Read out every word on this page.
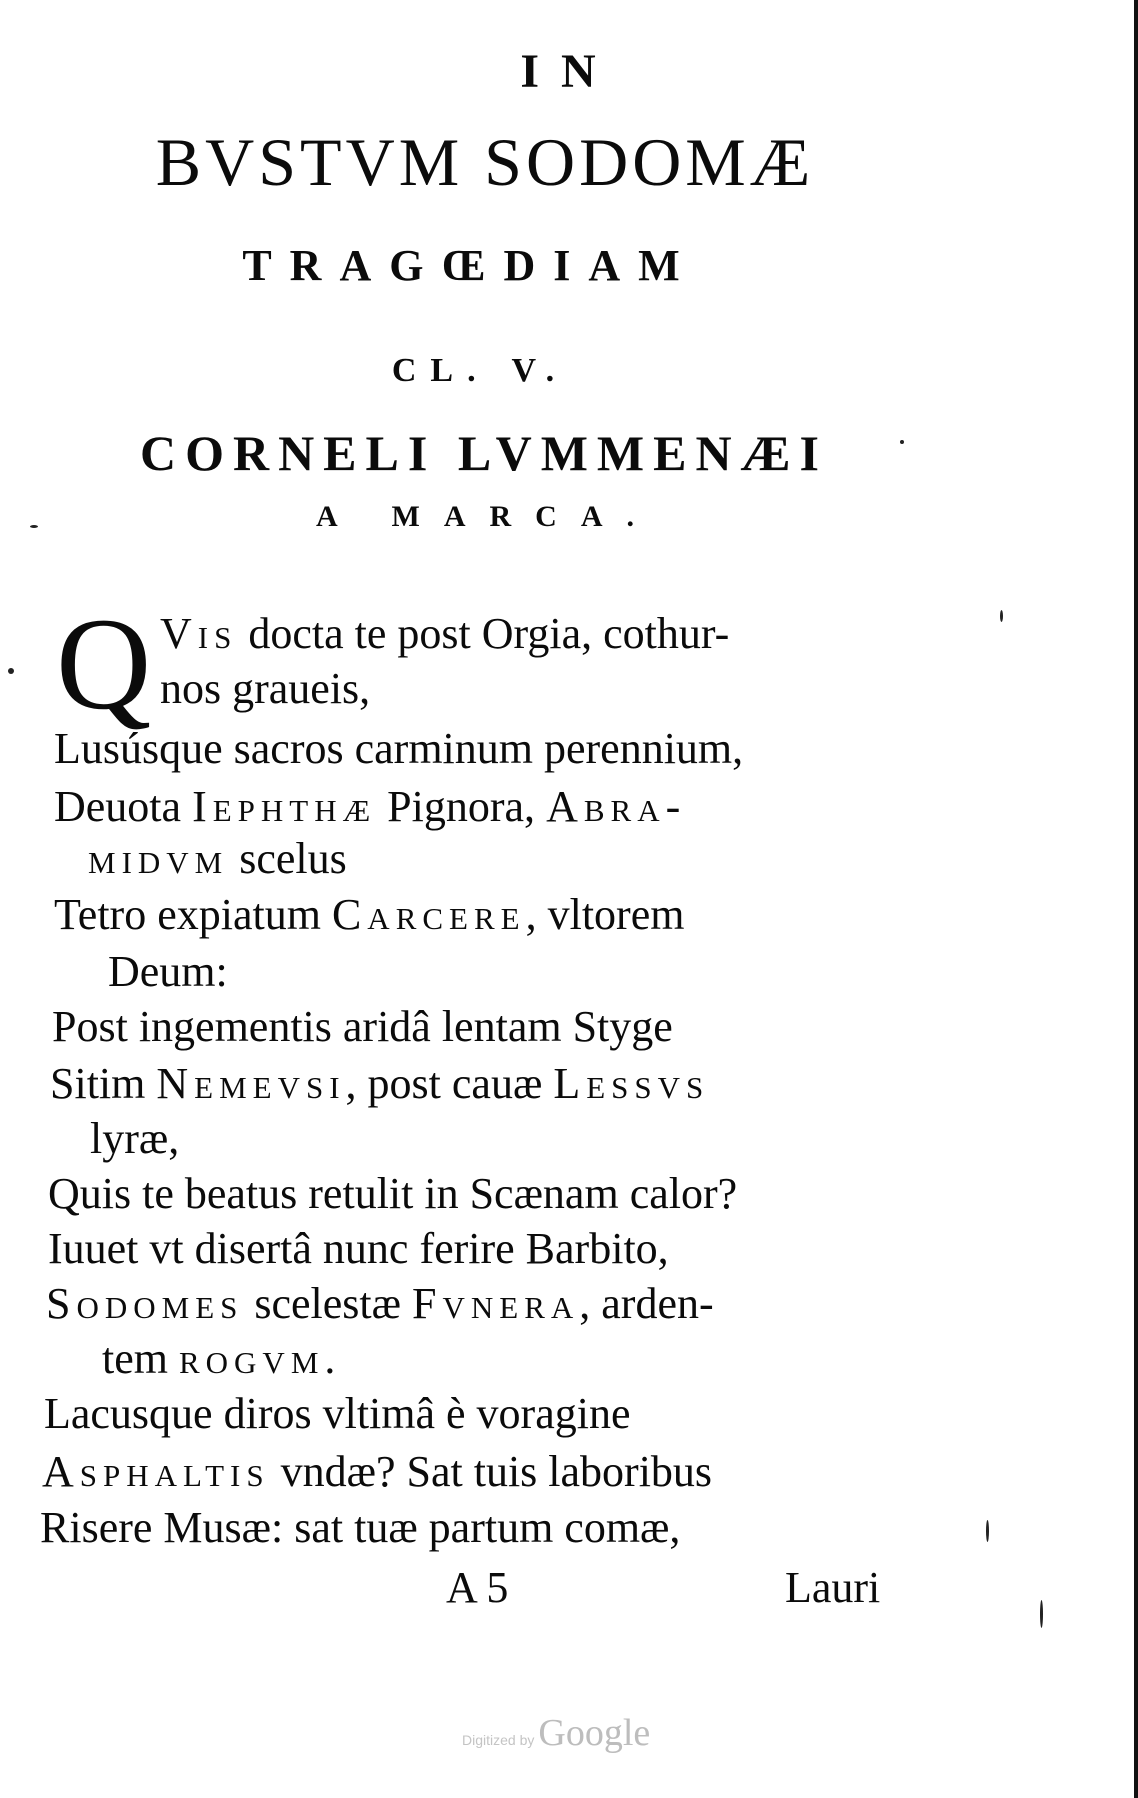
IN
BVSTVM SODOMÆ
TRAGŒDIAM
CL. V.
CORNELI LVMMENÆI
A MARCA.
Q Vis docta te post Orgia, cothur-
nos graueis,
Lusúsque sacros carminum perennium,
Deuota Iephthæ Pignora, Abra-
midvm scelus
Tetro expiatum Carcere, vltorem
Deum:
Post ingementis aridâ lentam Styge
Sitim Nemevsi, post cauæ Lessvs
lyræ,
Quis te beatus retulit in Scænam calor?
Iuuet vt disertâ nunc ferire Barbito,
Sodomes scelestæ Fvnera, arden-
tem rogvm.
Lacusque diros vltimâ è voragine
Asphaltis vndæ? Sat tuis laboribus
Risere Musæ: sat tuæ partum comæ,
A 5	Lauri
Digitized by Google
